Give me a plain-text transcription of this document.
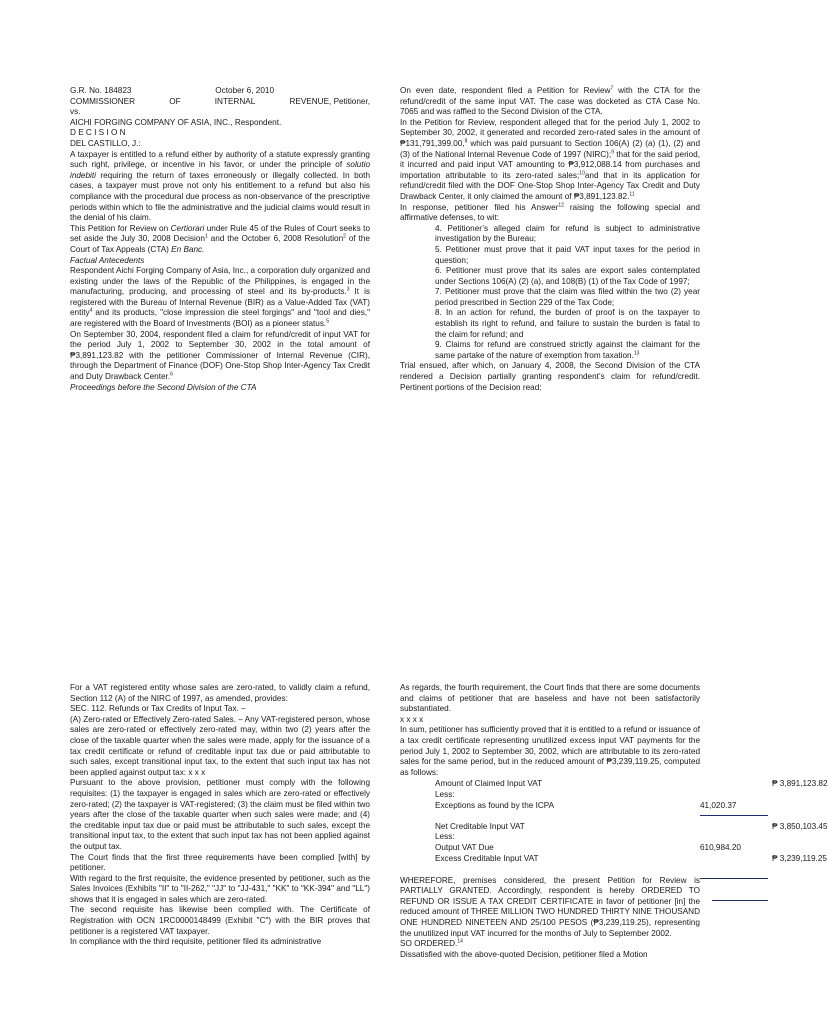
G.R. No. 184823	October 6, 2010

COMMISSIONER	OF	INTERNAL	REVENUE, Petitioner,

vs.

AICHI FORGING COMPANY OF ASIA, INC., Respondent.

D E C I S I O N

DEL CASTILLO, J.:

A taxpayer is entitled to a refund either by authority of a statute expressly granting such right, privilege, or incentive in his favor, or under the principle of solutio indebiti requiring the return of taxes erroneously or illegally collected. In both cases, a taxpayer must prove not only his entitlement to a refund but also his compliance with the procedural due process as non-observance of the prescriptive periods within which to file the administrative and the judicial claims would result in the denial of his claim.

This Petition for Review on Certiorari under Rule 45 of the Rules of Court seeks to set aside the July 30, 2008 Decision$^1$ and the October 6, 2008 Resolution$^2$ of the Court of Tax Appeals (CTA) En Banc.

Factual Antecedents

Respondent Aichi Forging Company of Asia, Inc., a corporation duly organized and existing under the laws of the Republic of the Philippines, is engaged in the manufacturing, producing, and processing of steel and its by-products.$^3$ It is registered with the Bureau of Internal Revenue (BIR) as a Value-Added Tax (VAT) entity$^4$ and its products, "close impression die steel forgings" and "tool and dies," are registered with the Board of Investments (BOI) as a pioneer status.$^5$

On September 30, 2004, respondent filed a claim for refund/credit of input VAT for the period July 1, 2002 to September 30, 2002 in the total amount of ₱3,891,123.82 with the petitioner Commissioner of Internal Revenue (CIR), through the Department of Finance (DOF) One-Stop Shop Inter-Agency Tax Credit and Duty Drawback Center.$^6$

Proceedings before the Second Division of the CTA

On even date, respondent filed a Petition for Review$^7$ with the CTA for the refund/credit of the same input VAT. The case was docketed as CTA Case No. 7065 and was raffled to the Second Division of the CTA.

In the Petition for Review, respondent alleged that for the period July 1, 2002 to September 30, 2002, it generated and recorded zero-rated sales in the amount of ₱131,791,399.00,$^8$ which was paid pursuant to Section 106(A) (2) (a) (1), (2) and (3) of the National Internal Revenue Code of 1997 (NIRC);$^9$ that for the said period, it incurred and paid input VAT amounting to ₱3,912,088.14 from purchases and importation attributable to its zero-rated sales;$^{10}$and that in its application for refund/credit filed with the DOF One-Stop Shop Inter-Agency Tax Credit and Duty Drawback Center, it only claimed the amount of ₱3,891,123.82.11

In response, petitioner filed his Answer$^{12}$ raising the following special and affirmative defenses, to wit:

4. Petitioner’s alleged claim for refund is subject to administrative investigation by the Bureau;

5. Petitioner must prove that it paid VAT input taxes for the period in question;

6. Petitioner must prove that its sales are export sales contemplated under Sections 106(A) (2) (a), and 108(B) (1) of the Tax Code of 1997;

7. Petitioner must prove that the claim was filed within the two (2) year period prescribed in Section 229 of the Tax Code;

8. In an action for refund, the burden of proof is on the taxpayer to establish its right to refund, and failure to sustain the burden is fatal to the claim for refund; and

9. Claims for refund are construed strictly against the claimant for the same partake of the nature of exemption from taxation.$^{13}$

Trial ensued, after which, on January 4, 2008, the Second Division of the CTA rendered a Decision partially granting respondent’s claim for refund/credit. Pertinent portions of the Decision read:

For a VAT registered entity whose sales are zero-rated, to validly claim a refund, Section 112 (A) of the NIRC of 1997, as amended, provides:

SEC. 112. Refunds or Tax Credits of Input Tax. –

(A) Zero-rated or Effectively Zero-rated Sales. – Any VAT-registered person, whose sales are zero-rated or effectively zero-rated may, within two (2) years after the close of the taxable quarter when the sales were made, apply for the issuance of a tax credit certificate or refund of creditable input tax due or paid attributable to such sales, except transitional input tax, to the extent that such input tax has not been applied against output tax: x x x

Pursuant to the above provision, petitioner must comply with the following requisites: (1) the taxpayer is engaged in sales which are zero-rated or effectively zero-rated; (2) the taxpayer is VAT-registered; (3) the claim must be filed within two years after the close of the taxable quarter when such sales were made; and (4) the creditable input tax due or paid must be attributable to such sales, except the transitional input tax, to the extent that such input tax has not been applied against the output tax.

The Court finds that the first three requirements have been complied [with] by petitioner.

With regard to the first requisite, the evidence presented by petitioner, such as the Sales Invoices (Exhibits "II" to "II-262," "JJ" to "JJ-431," "KK" to "KK-394" and "LL") shows that it is engaged in sales which are zero-rated.

The second requisite has likewise been complied with. The Certificate of Registration with OCN 1RC0000148499 (Exhibit "C") with the BIR proves that petitioner is a registered VAT taxpayer.

In compliance with the third requisite, petitioner filed its administrative

As regards, the fourth requirement, the Court finds that there are some documents and claims of petitioner that are baseless and have not been satisfactorily substantiated.

x x x x

In sum, petitioner has sufficiently proved that it is entitled to a refund or issuance of a tax credit certificate representing unutilized excess input VAT payments for the period July 1, 2002 to September 30, 2002, which are attributable to its zero-rated sales for the same period, but in the reduced amount of ₱3,239,119.25, computed as follows:

Amount of Claimed Input VAT	₱ 3,891,123.82
Less:
Exceptions as found by the ICPA	41,020.37
Net Creditable Input VAT	₱ 3,850,103.45
Less:
Output VAT Due	610,984.20
Excess Creditable Input VAT	₱ 3,239,119.25

WHEREFORE, premises considered, the present Petition for Review is PARTIALLY GRANTED. Accordingly, respondent is hereby ORDERED TO REFUND OR ISSUE A TAX CREDIT CERTIFICATE in favor of petitioner [in] the reduced amount of THREE MILLION TWO HUNDRED THIRTY NINE THOUSAND ONE HUNDRED NINETEEN AND 25/100 PESOS (₱3,239,119.25), representing the unutilized input VAT incurred for the months of July to September 2002.

SO ORDERED.$^{14}$

Dissatisfied with the above-quoted Decision, petitioner filed a Motion
